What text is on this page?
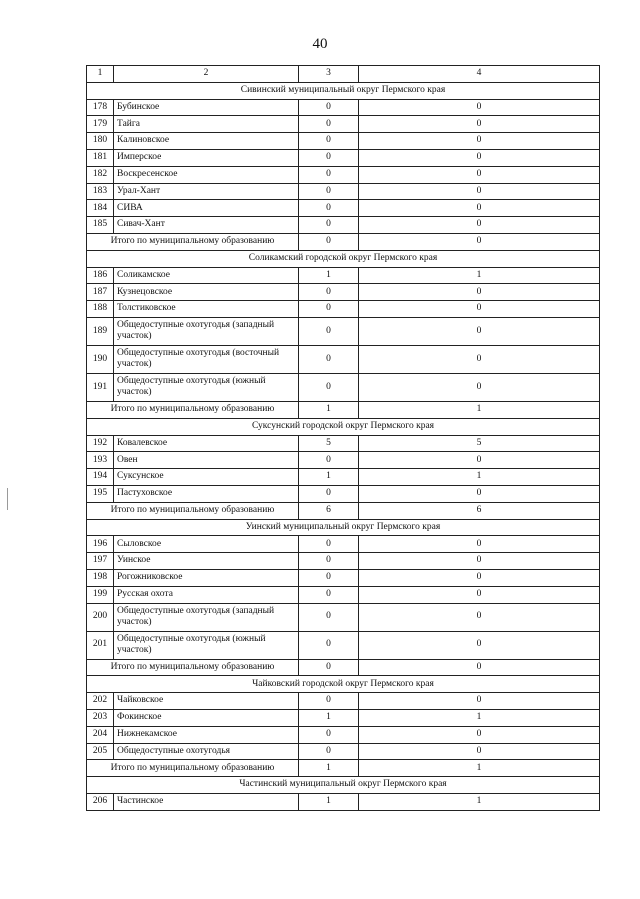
40
1	2	3	4
Сивинский муниципальный округ Пермского края			
178	Бубинское	0	0
179	Тайга	0	0
180	Калиновское	0	0
181	Имперское	0	0
182	Воскресенское	0	0
183	Урал-Хант	0	0
184	СИВА	0	0
185	Сивач-Хант	0	0
Итого по муниципальному образованию		0	0
Соликамский городской округ Пермского края			
186	Соликамское	1	1
187	Кузнецовское	0	0
188	Толстиковское	0	0
189	Общедоступные охотугодья (западный участок)	0	0
190	Общедоступные охотугодья (восточный участок)	0	0
191	Общедоступные охотугодья (южный участок)	0	0
Итого по муниципальному образованию		1	1
Суксунский городской округ Пермского края			
192	Ковалевское	5	5
193	Овен	0	0
194	Суксунское	1	1
195	Пастуховское	0	0
Итого по муниципальному образованию		6	6
Уинский муниципальный округ Пермского края			
196	Сыловское	0	0
197	Уинское	0	0
198	Рогожниковское	0	0
199	Русская охота	0	0
200	Общедоступные охотугодья (западный участок)	0	0
201	Общедоступные охотугодья (южный участок)	0	0
Итого по муниципальному образованию		0	0
Чайковский городской округ Пермского края			
202	Чайковское	0	0
203	Фокинское	1	1
204	Нижнекамское	0	0
205	Общедоступные охотугодья	0	0
Итого по муниципальному образованию		1	1
Частинский муниципальный округ Пермского края			
206	Частинское	1	1
